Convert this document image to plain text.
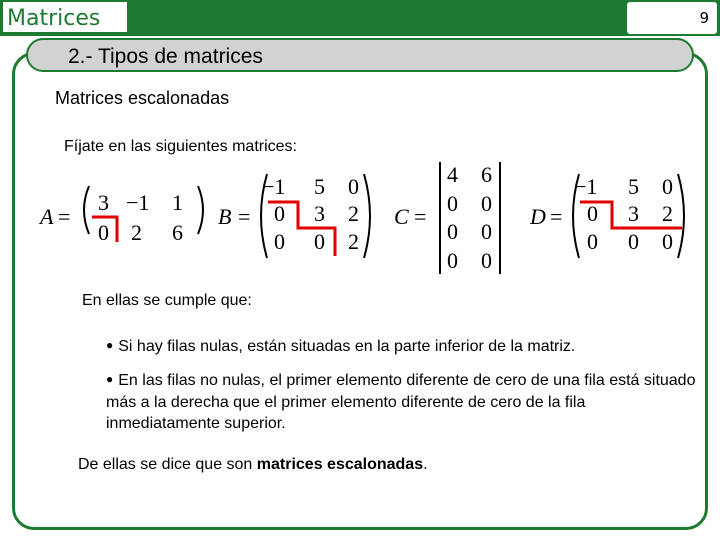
Matrices	9
2.- Tipos de matrices
Matrices escalonadas
Fíjate en las siguientes matrices:
A =
3 −1 1
0 2 6
B =
−1 5 0
0 3 2
0 0 2
C =
4 6
0 0
0 0
0 0
D =
−1 5 0
0 3 2
0 0 0
En ellas se cumple que:
● Si hay filas nulas, están situadas en la parte inferior de la matriz.
● En las filas no nulas, el primer elemento diferente de cero de una fila está situado más a la derecha que el primer elemento diferente de cero de la fila inmediatamente superior.
De ellas se dice que son matrices escalonadas.
